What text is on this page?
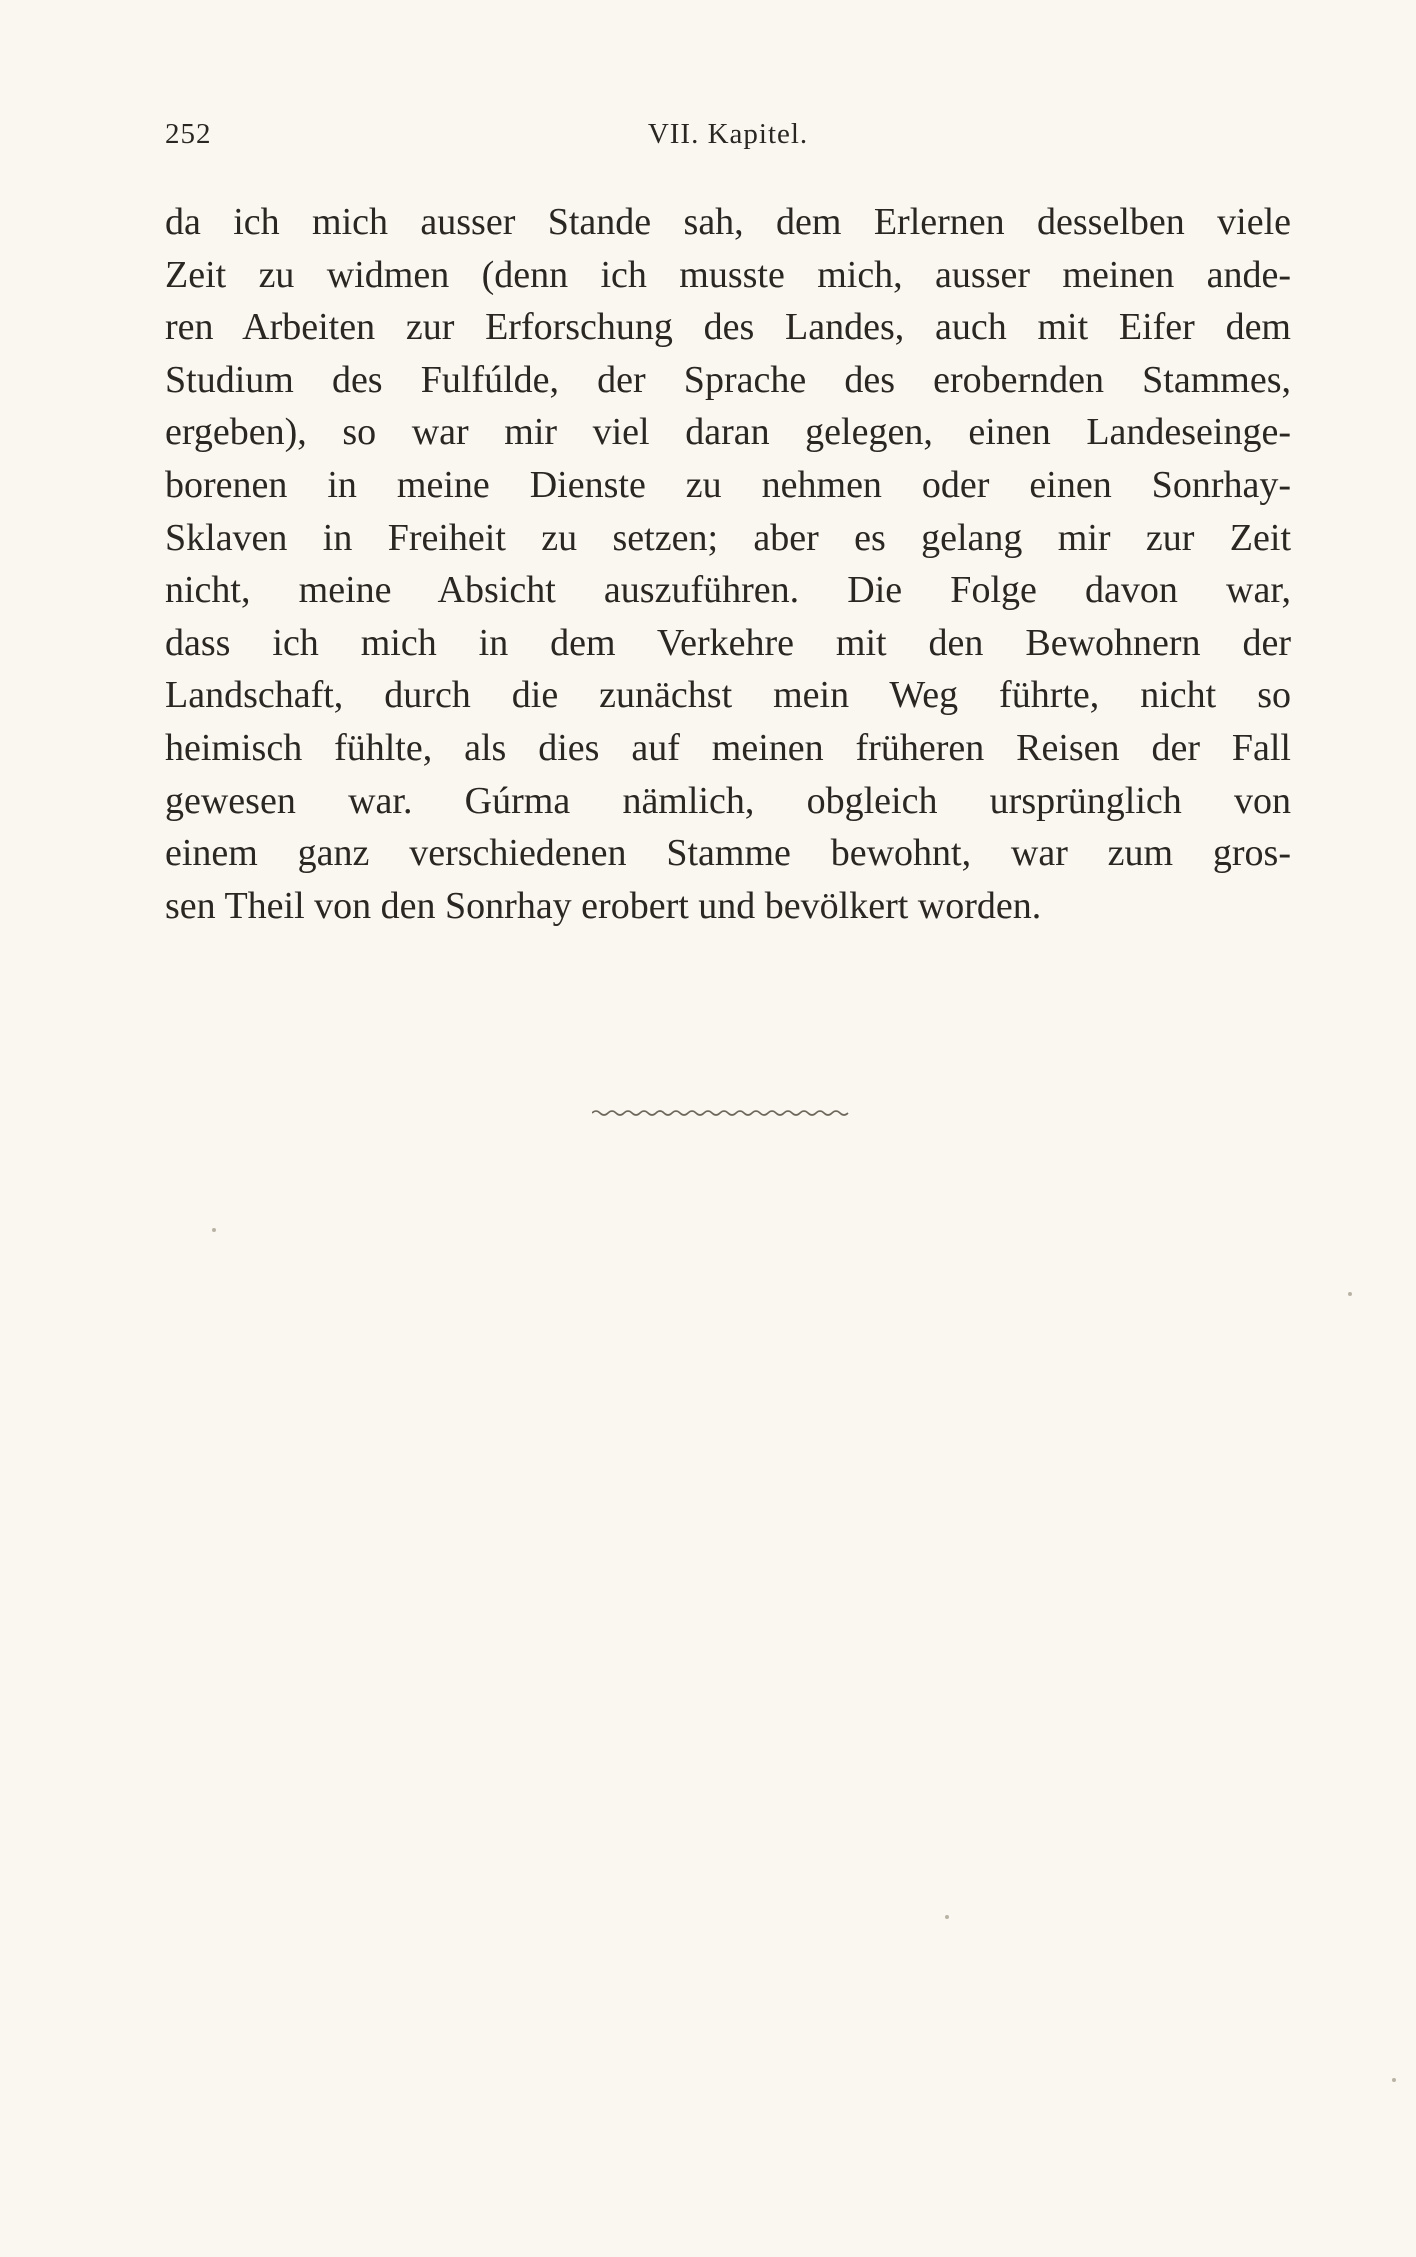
252	VII. Kapitel.
da ich mich ausser Stande sah, dem Erlernen desselben viele
Zeit zu widmen (denn ich musste mich, ausser meinen ande-
ren Arbeiten zur Erforschung des Landes, auch mit Eifer dem
Studium des Fulfúlde, der Sprache des erobernden Stammes,
ergeben), so war mir viel daran gelegen, einen Landeseinge-
borenen in meine Dienste zu nehmen oder einen Sonrhay-
Sklaven in Freiheit zu setzen; aber es gelang mir zur Zeit
nicht, meine Absicht auszuführen. Die Folge davon war,
dass ich mich in dem Verkehre mit den Bewohnern der
Landschaft, durch die zunächst mein Weg führte, nicht so
heimisch fühlte, als dies auf meinen früheren Reisen der Fall
gewesen war. Gúrma nämlich, obgleich ursprünglich von
einem ganz verschiedenen Stamme bewohnt, war zum gros-
sen Theil von den Sonrhay erobert und bevölkert worden.
